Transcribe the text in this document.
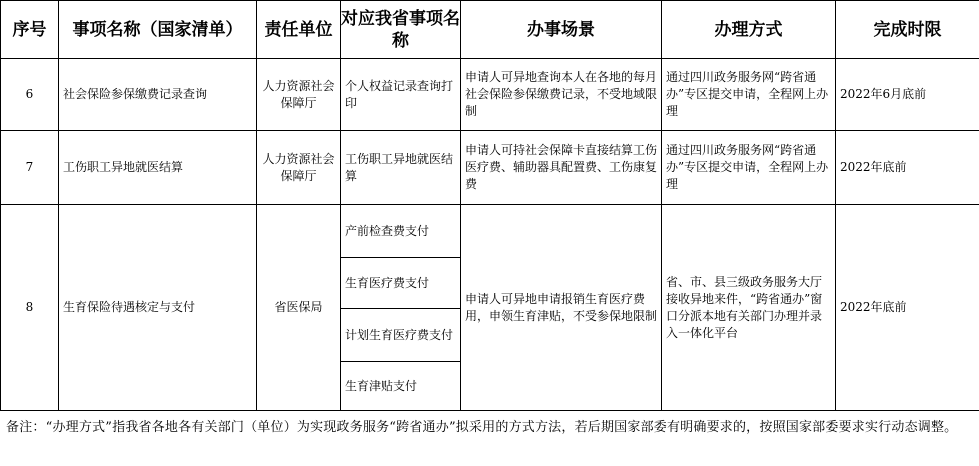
序号	事项名称（国家清单）	责任单位	对应我省事项名称	办事场景	办理方式	完成时限
6	社会保险参保缴费记录查询	人力资源社会保障厅	个人权益记录查询打印	申请人可异地查询本人在各地的每月社会保险参保缴费记录，不受地域限制	通过四川政务服务网“跨省通办”专区提交申请，全程网上办理	2022年6月底前
7	工伤职工异地就医结算	人力资源社会保障厅	工伤职工异地就医结算	申请人可持社会保障卡直接结算工伤医疗费、辅助器具配置费、工伤康复费	通过四川政务服务网“跨省通办”专区提交申请，全程网上办理	2022年底前
8	生育保险待遇核定与支付	省医保局	产前检查费支付	申请人可异地申请报销生育医疗费用，申领生育津贴，不受参保地限制	省、市、县三级政务服务大厅接收异地来件，“跨省通办”窗口分派本地有关部门办理并录入一体化平台	2022年底前
			生育医疗费支付			
			计划生育医疗费支付			
			生育津贴支付			
备注：“办理方式”指我省各地各有关部门（单位）为实现政务服务“跨省通办”拟采用的方式方法，若后期国家部委有明确要求的，按照国家部委要求实行动态调整。
